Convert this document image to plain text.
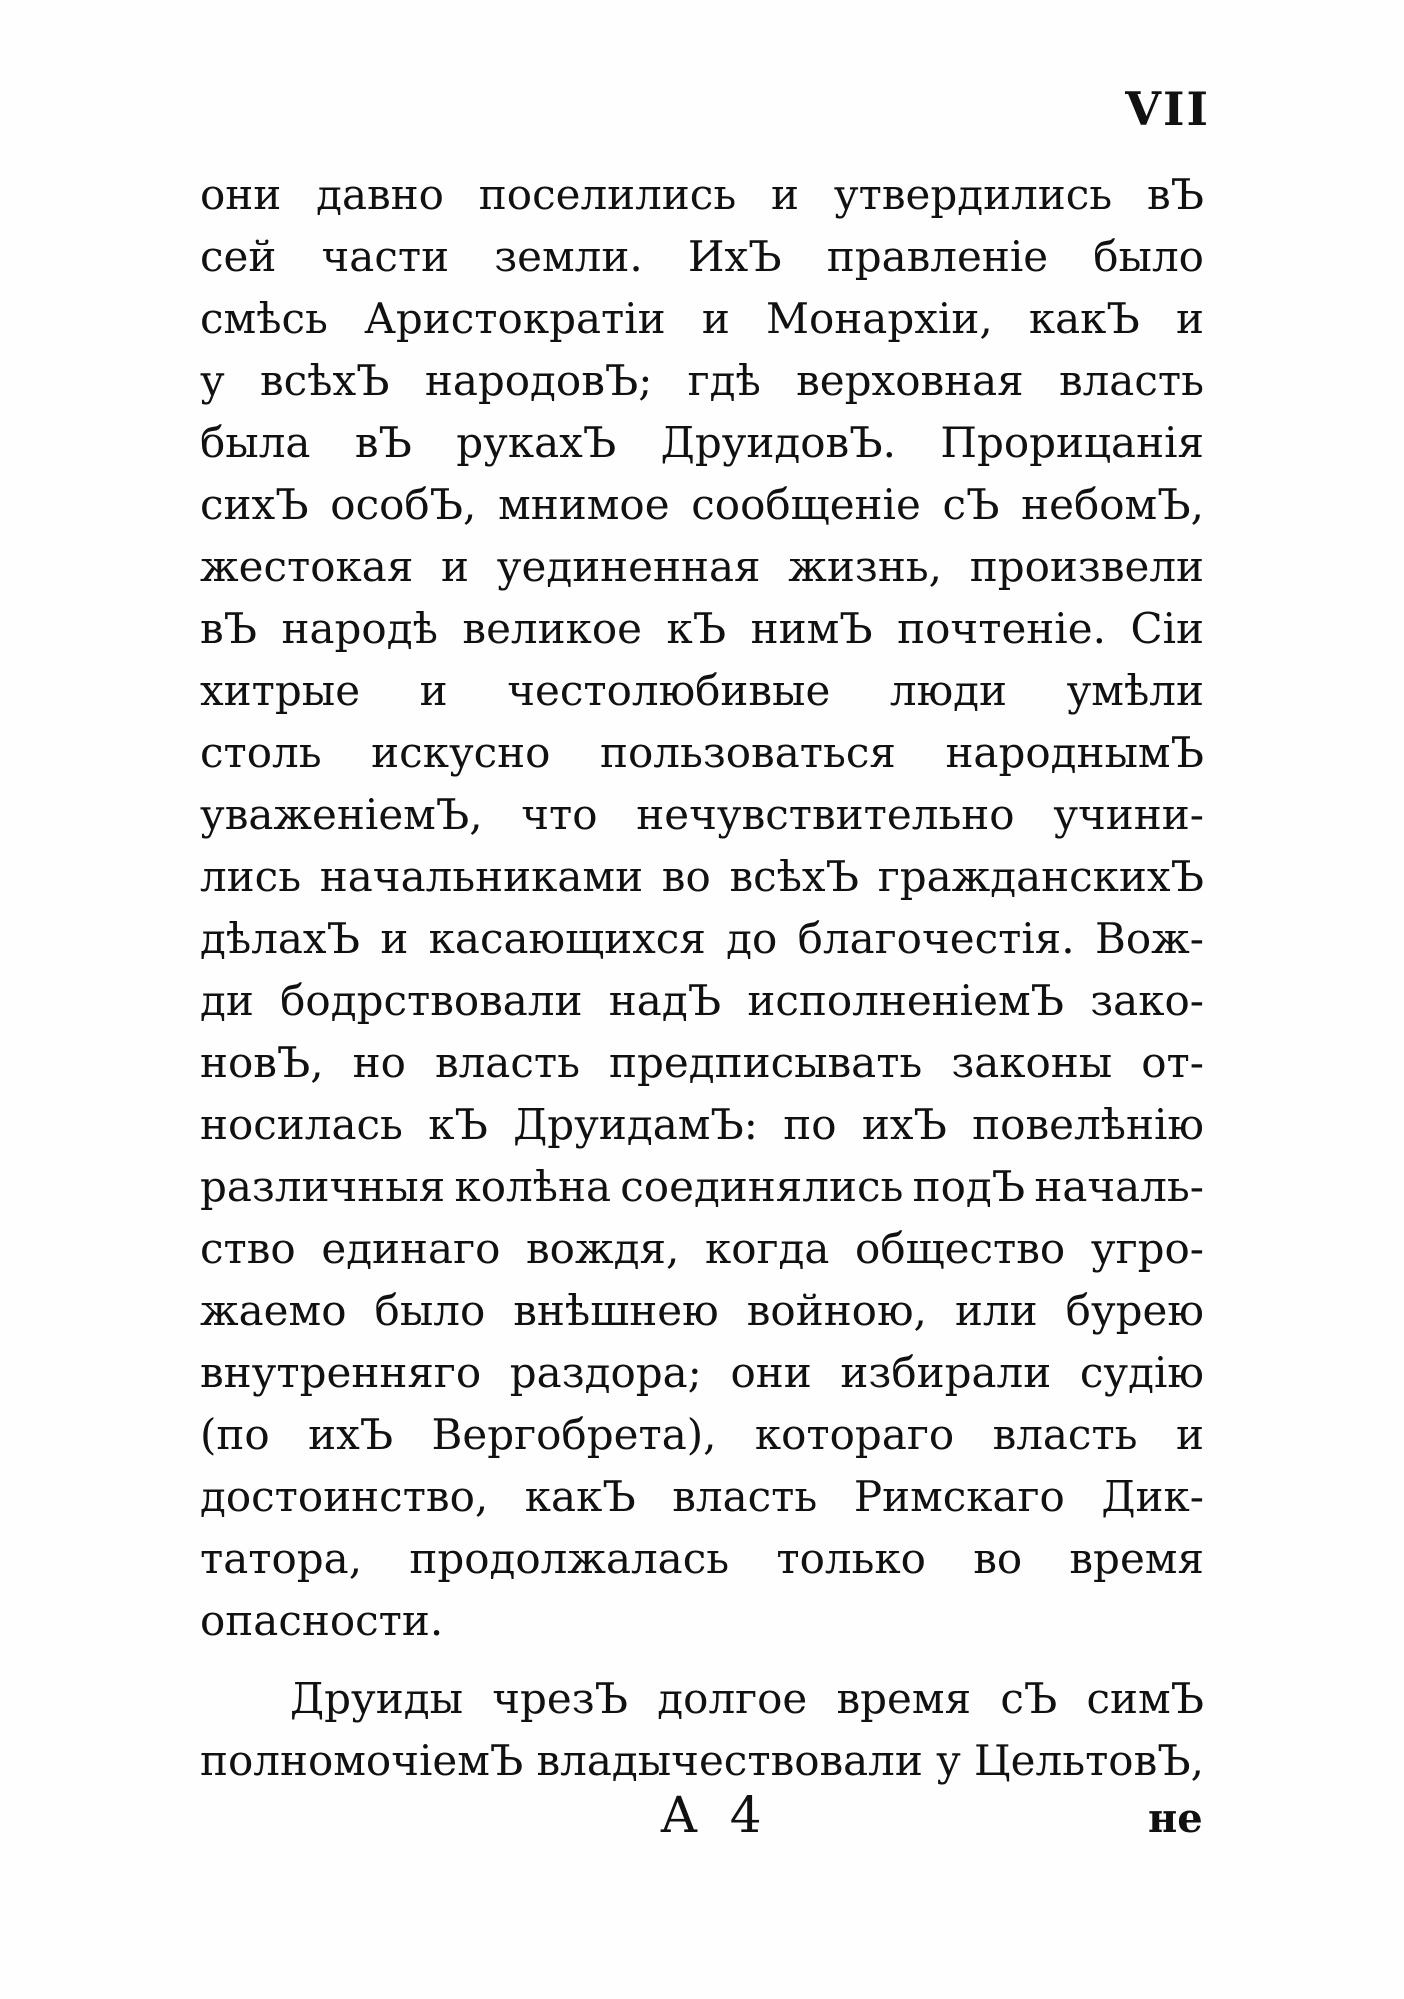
VII
они давно поселились и утвердились вЪ
сей части земли. ИхЪ правленіе было
смѣсь Аристократіи и Монархіи, какЪ и
у всѣхЪ народовЪ; гдѣ верховная власть
была вЪ рукахЪ ДруидовЪ. Прорицанія
сихЪ особЪ, мнимое сообщеніе сЪ небомЪ,
жестокая и уединенная жизнь, произвели
вЪ народѣ великое кЪ нимЪ почтеніе. Сіи
хитрые и честолюбивые люди умѣли
столь искусно пользоваться народнымЪ
уваженіемЪ, что нечувствительно учини-
лись начальниками во всѣхЪ гражданскихЪ
дѣлахЪ и касающихся до благочестія. Вож-
ди бодрствовали надЪ исполненіемЪ зако-
новЪ, но власть предписывать законы от-
носилась кЪ ДруидамЪ: по ихЪ повелѣнію
различныя колѣна соединялись подЪ началь-
ство единаго вождя, когда общество угро-
жаемо было внѣшнею войною, или бурею
внутренняго раздора; они избирали судію
(по ихЪ Вергобрета), котораго власть и
достоинство, какЪ власть Римскаго Дик-
татора, продолжалась только во время
опасности.
Друиды чрезЪ долгое время сЪ симЪ
полномочіемЪ владычествовали у ЦельтовЪ,
А 4	не
